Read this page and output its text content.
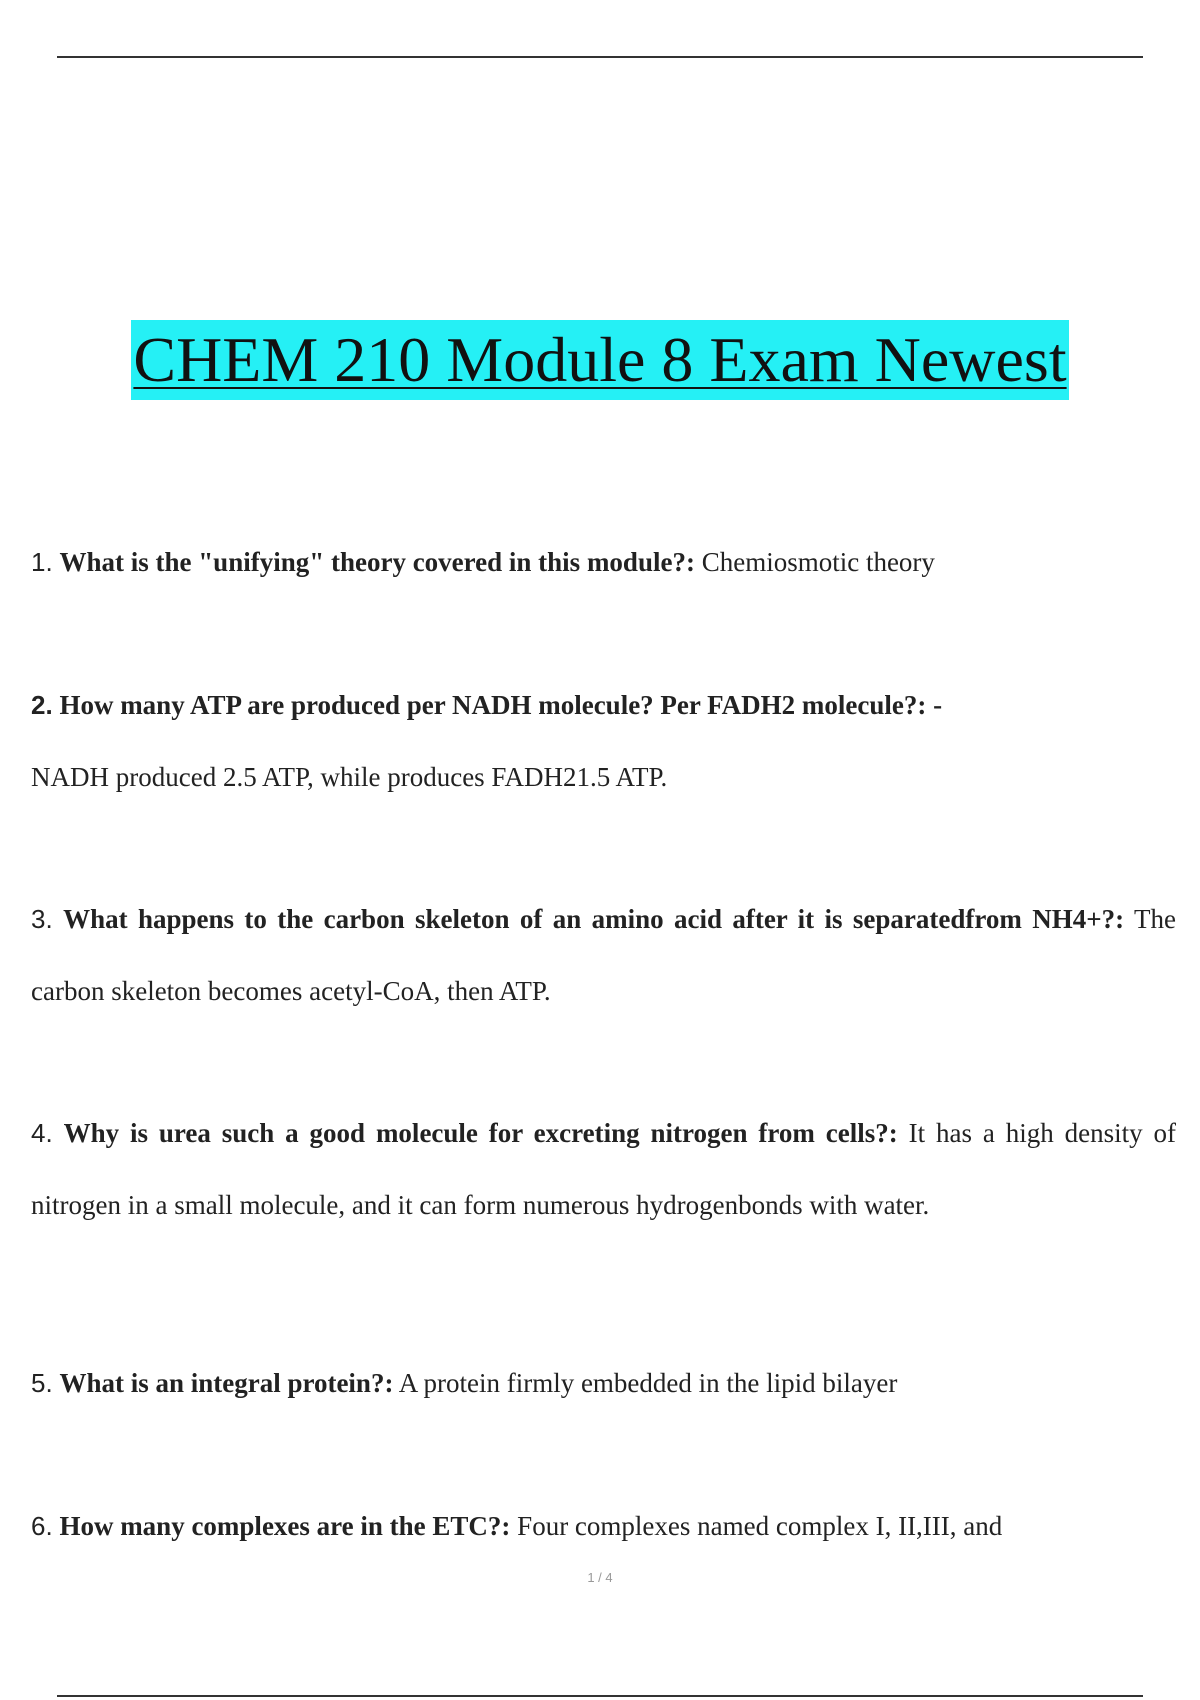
CHEM 210 Module 8 Exam Newest
1. What is the "unifying" theory covered in this module?: Chemiosmotic theory
2. How many ATP are produced per NADH molecule? Per FADH2 molecule?: -
NADH produced 2.5 ATP, while produces FADH21.5 ATP.
3. What happens to the carbon skeleton of an amino acid after it is separatedfrom NH4+?: The carbon skeleton becomes acetyl-CoA, then ATP.
4. Why is urea such a good molecule for excreting nitrogen from cells?: It has a high density of nitrogen in a small molecule, and it can form numerous hydrogenbonds with water.
5. What is an integral protein?: A protein firmly embedded in the lipid bilayer
6. How many complexes are in the ETC?: Four complexes named complex I, II,III, and
1 / 4
